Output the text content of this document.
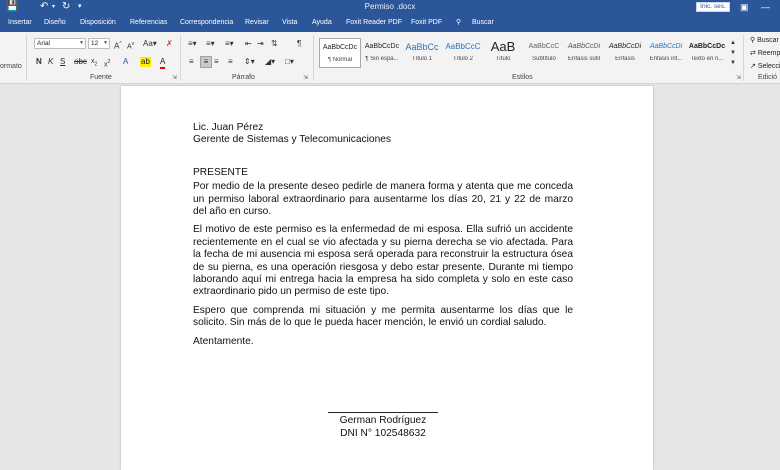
💾 ↶ ▾ ↻ ▾	Permiso .docx	Inic. ses.	▣ —
Insertar Diseño Disposición Referencias Correspondencia Revisar Vista Ayuda Foxit Reader PDF Foxit PDF ⚲ Buscar
ormato
Arial	▼	12 ▼ A^ $A^v$ Aa▾ ✗
N K S abc $x_2$ $x^2$ A ab A
Fuente	⇲
≡▾ ≡▾ ≡▾ ⇤ ⇥ ⇅ ¶
≡	≡ ≡ ≡ ⇕▾ ◢▾ □▾
Párrafo	⇲
AaBbCcDc
¶ Normal
AaBbCcDc
¶ Sin espa...
AaBbCc
Título 1
AaBbCcC
Título 2
AaB
Título
AaBbCcC
Subtítulo
AaBbCcDi
Énfasis sutil
AaBbCcDi
Énfasis
AaBbCcDi
Énfasis int...
AaBbCcDc
Texto en n...
▲
▼
▼
Estilos	⇲
⚲ Buscar
⇄ Reemp
↗ Selecci
Edició
Lic. Juan Pérez
Gerente de Sistemas y Telecomunicaciones
PRESENTE

Por medio de la presente deseo pedirle de manera forma y atenta que me conceda un permiso laboral extraordinario para ausentarme los días 20, 21 y 22 de marzo del año en curso.

El motivo de este permiso es la enfermedad de mi esposa. Ella sufrió un accidente recientemente en el cual se vio afectada y su pierna derecha se vio afectada. Para la fecha de mi ausencia mi esposa será operada para reconstruir la estructura ósea de su pierna, es una operación riesgosa y debo estar presente. Durante mi tiempo laborando aquí mi entrega hacia la empresa ha sido completa y solo en este caso extraordinario pido un permiso de este tipo.

Espero que comprenda mi situación y me permita ausentarme los días que le solicito. Sin más de lo que le pueda hacer mención, le envió un cordial saludo.

Atentamente.
German Rodríguez
DNI N° 102548632
